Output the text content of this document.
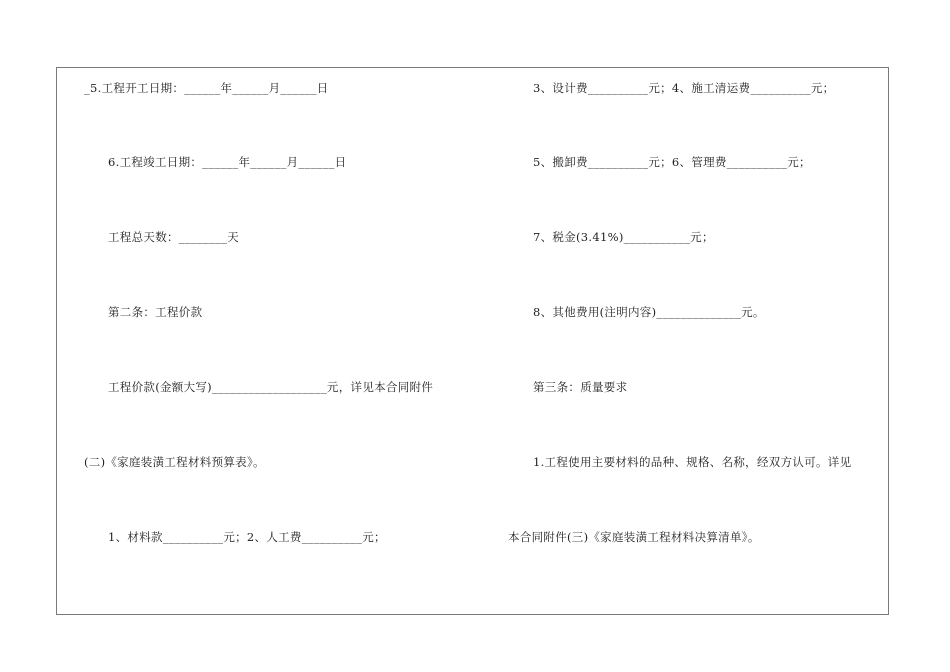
_5.工程开工日期：______年______月______日
6.工程竣工日期：______年______月______日
工程总天数：________天
第二条：工程价款
工程价款(金额大写)___________________元，详见本合同附件
(二)《家庭装潢工程材料预算表》。
1、材料款__________元；2、人工费__________元；
3、设计费__________元；4、施工清运费__________元；
5、搬卸费__________元；6、管理费__________元；
7、税金(3.41%)___________元；
8、其他费用(注明内容)______________元。
第三条：质量要求
1.工程使用主要材料的品种、规格、名称，经双方认可。详见
本合同附件(三)《家庭装潢工程材料决算清单》。
